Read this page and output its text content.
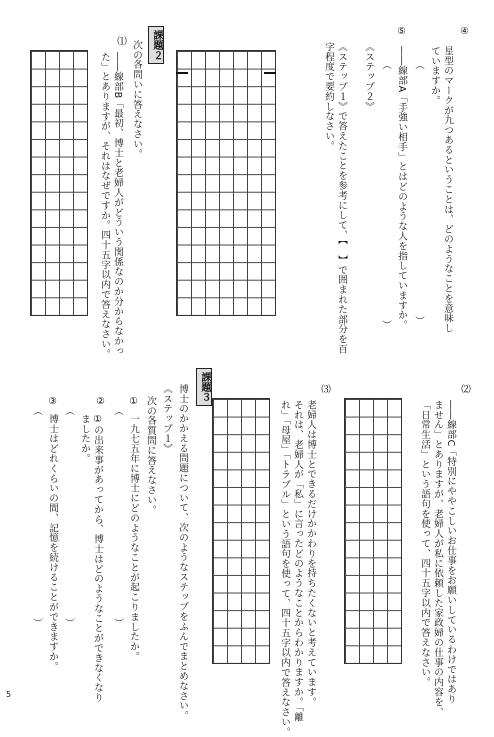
④
星型のマークが九つあるということは、どのようなことを意味し
ていますか。
（
）
⑤
――線部A「手強い相手」とはどのような人を指していますか。
（
）
《ステップ２》
《ステップ１》で答えたことを参考にして、【　】で囲まれた部分を百
字程度で要約しなさい。
課題２
次の各問いに答えなさい。
⑴
――線部B「最初、博士と老婦人がどういう関係なのか分からなかっ
た」とありますが、それはなぜですか。四十五字以内で答えなさい。
⑵
――線部C「特別にややこしいお仕事をお願いしているわけではあり
ません」とありますが、老婦人が私に依頼した家政婦の仕事の内容を、
「日常生活」という語句を使って、四十五字以内で答えなさい。
⑶
老婦人は博士とできるだけかかわりを持ちたくないと考えています。
それは、老婦人が「私」に言ったどのようなことからわかりますか。「離
れ」「母屋」「トラブル」という語句を使って、四十五字以内で答えなさい。
課題３
博士のかかえる問題について、次のようなステップをふんでまとめなさい。
《ステップ１》
次の各質問に答えなさい。
①
一九七五年に博士にどのようなことが起こりましたか。
（
）
②
①の出来事があってから、博士はどのようなことができなくなり
ましたか。
（
）
③
博士はどれくらいの間、記憶を続けることができますか。
（
）
5
